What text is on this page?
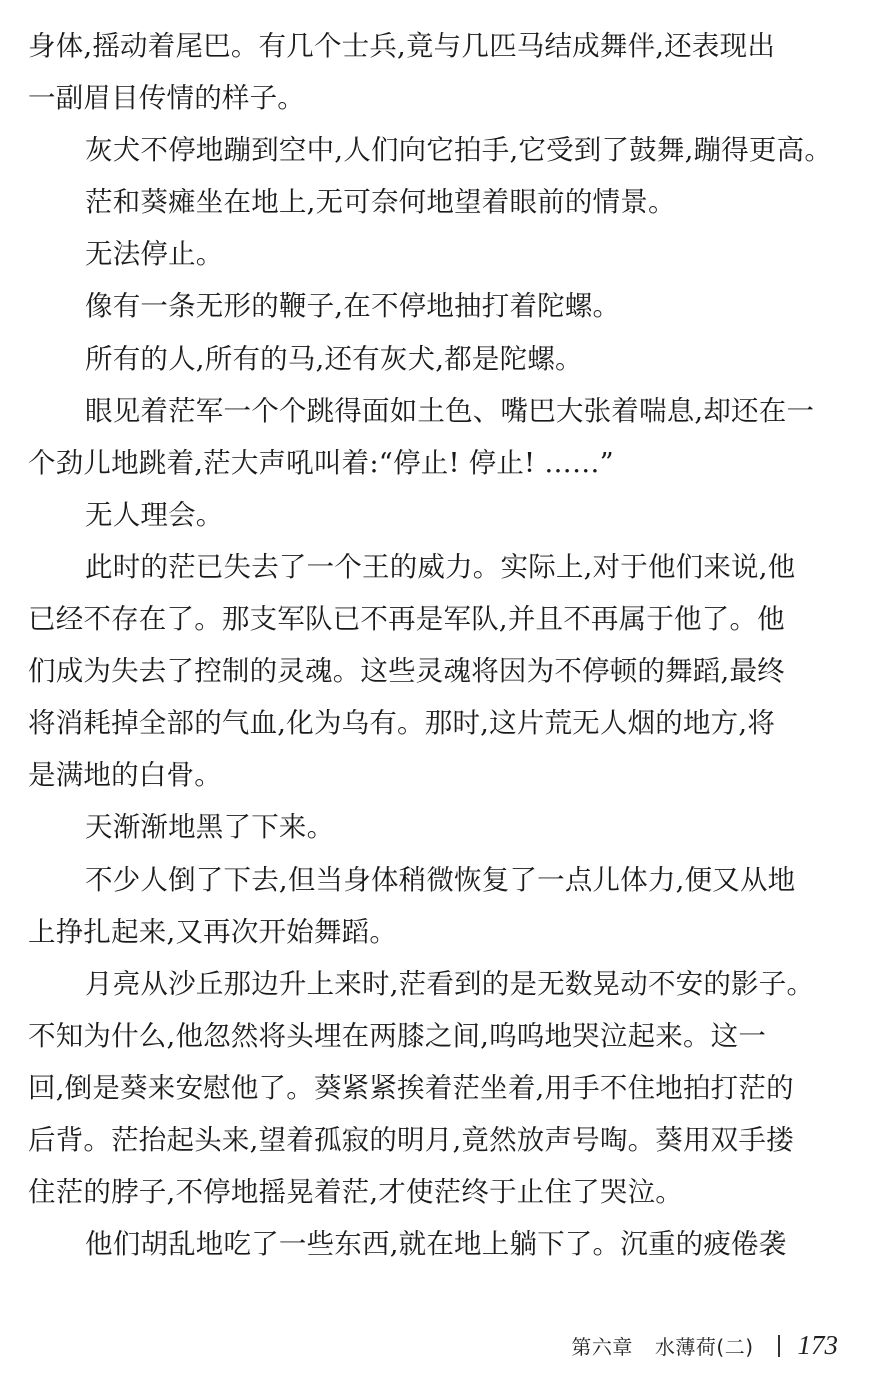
身体,摇动着尾巴。有几个士兵,竟与几匹马结成舞伴,还表现出
一副眉目传情的样子。
灰犬不停地蹦到空中,人们向它拍手,它受到了鼓舞,蹦得更高。
茫和葵瘫坐在地上,无可奈何地望着眼前的情景。
无法停止。
像有一条无形的鞭子,在不停地抽打着陀螺。
所有的人,所有的马,还有灰犬,都是陀螺。
眼见着茫军一个个跳得面如土色、嘴巴大张着喘息,却还在一
个劲儿地跳着,茫大声吼叫着:“停止! 停止! ……”
无人理会。
此时的茫已失去了一个王的威力。实际上,对于他们来说,他
已经不存在了。那支军队已不再是军队,并且不再属于他了。他
们成为失去了控制的灵魂。这些灵魂将因为不停顿的舞蹈,最终
将消耗掉全部的气血,化为乌有。那时,这片荒无人烟的地方,将
是满地的白骨。
天渐渐地黑了下来。
不少人倒了下去,但当身体稍微恢复了一点儿体力,便又从地
上挣扎起来,又再次开始舞蹈。
月亮从沙丘那边升上来时,茫看到的是无数晃动不安的影子。
不知为什么,他忽然将头埋在两膝之间,呜呜地哭泣起来。这一
回,倒是葵来安慰他了。葵紧紧挨着茫坐着,用手不住地拍打茫的
后背。茫抬起头来,望着孤寂的明月,竟然放声号啕。葵用双手搂
住茫的脖子,不停地摇晃着茫,才使茫终于止住了哭泣。
他们胡乱地吃了一些东西,就在地上躺下了。沉重的疲倦袭
第六章 水薄荷(二) 173
